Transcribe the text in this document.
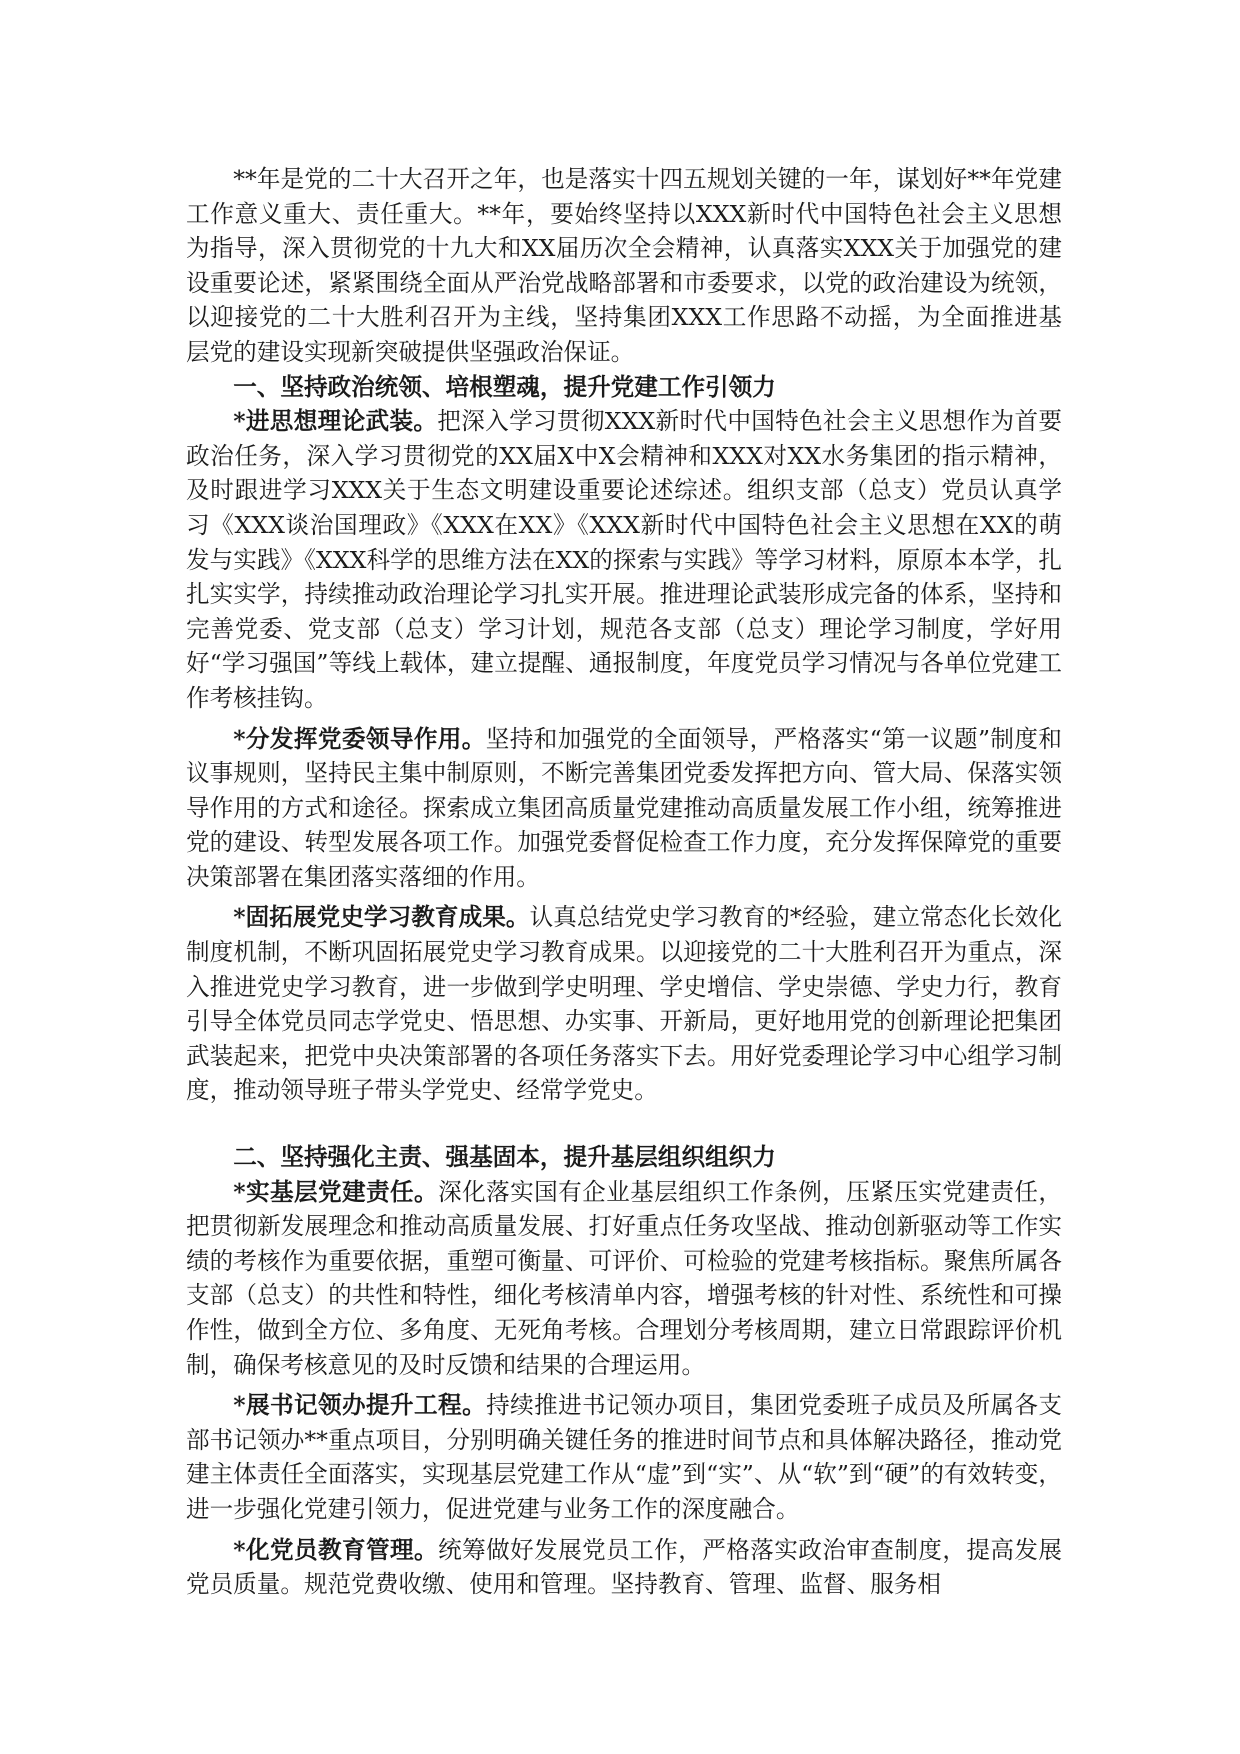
**年是党的二十大召开之年，也是落实十四五规划关键的一年，谋划好**年党建工作意义重大、责任重大。**年，要始终坚持以XXX新时代中国特色社会主义思想为指导，深入贯彻党的十九大和XX届历次全会精神，认真落实XXX关于加强党的建设重要论述，紧紧围绕全面从严治党战略部署和市委要求，以党的政治建设为统领，以迎接党的二十大胜利召开为主线，坚持集团XXX工作思路不动摇，为全面推进基层党的建设实现新突破提供坚强政治保证。

一、坚持政治统领、培根塑魂，提升党建工作引领力

*进思想理论武装。把深入学习贯彻XXX新时代中国特色社会主义思想作为首要政治任务，深入学习贯彻党的XX届X中X会精神和XXX对XX水务集团的指示精神，及时跟进学习XXX关于生态文明建设重要论述综述。组织支部（总支）党员认真学习《XXX谈治国理政》《XXX在XX》《XXX新时代中国特色社会主义思想在XX的萌发与实践》《XXX科学的思维方法在XX的探索与实践》等学习材料，原原本本学，扎扎实实学，持续推动政治理论学习扎实开展。推进理论武装形成完备的体系，坚持和完善党委、党支部（总支）学习计划，规范各支部（总支）理论学习制度，学好用好“学习强国”等线上载体，建立提醒、通报制度，年度党员学习情况与各单位党建工作考核挂钩。

*分发挥党委领导作用。坚持和加强党的全面领导，严格落实“第一议题”制度和议事规则，坚持民主集中制原则，不断完善集团党委发挥把方向、管大局、保落实领导作用的方式和途径。探索成立集团高质量党建推动高质量发展工作小组，统筹推进党的建设、转型发展各项工作。加强党委督促检查工作力度，充分发挥保障党的重要决策部署在集团落实落细的作用。

*固拓展党史学习教育成果。认真总结党史学习教育的*经验，建立常态化长效化制度机制，不断巩固拓展党史学习教育成果。以迎接党的二十大胜利召开为重点，深入推进党史学习教育，进一步做到学史明理、学史增信、学史崇德、学史力行，教育引导全体党员同志学党史、悟思想、办实事、开新局，更好地用党的创新理论把集团武装起来，把党中央决策部署的各项任务落实下去。用好党委理论学习中心组学习制度，推动领导班子带头学党史、经常学党史。

二、坚持强化主责、强基固本，提升基层组织组织力

*实基层党建责任。深化落实国有企业基层组织工作条例，压紧压实党建责任，把贯彻新发展理念和推动高质量发展、打好重点任务攻坚战、推动创新驱动等工作实绩的考核作为重要依据，重塑可衡量、可评价、可检验的党建考核指标。聚焦所属各支部（总支）的共性和特性，细化考核清单内容，增强考核的针对性、系统性和可操作性，做到全方位、多角度、无死角考核。合理划分考核周期，建立日常跟踪评价机制，确保考核意见的及时反馈和结果的合理运用。

*展书记领办提升工程。持续推进书记领办项目，集团党委班子成员及所属各支部书记领办**重点项目，分别明确关键任务的推进时间节点和具体解决路径，推动党建主体责任全面落实，实现基层党建工作从“虚”到“实”、从“软”到“硬”的有效转变，进一步强化党建引领力，促进党建与业务工作的深度融合。

*化党员教育管理。统筹做好发展党员工作，严格落实政治审查制度，提高发展党员质量。规范党费收缴、使用和管理。坚持教育、管理、监督、服务相
